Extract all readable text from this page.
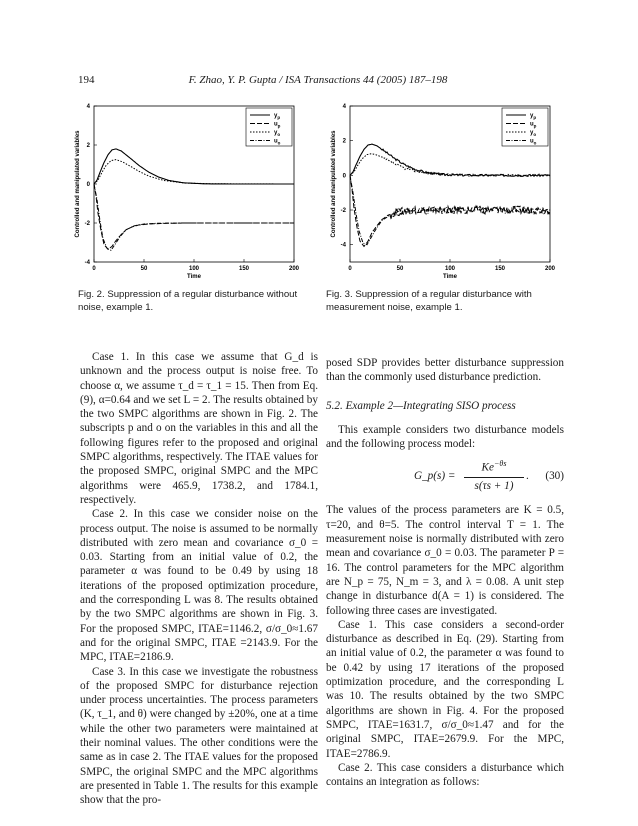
194	F. Zhao, Y. P. Gupta / ISA Transactions 44 (2005) 187–198
0	50	100	150	200
-4
-2
0
2
4
Time
Controlled and manipulated variables
$y_p$
$u_p$
$y_o$
$u_o$
0	50	100	150	200
-4
-2
0
2
4
Time
Controlled and manipulated variables
$y_p$
$u_p$
$y_o$
$u_o$
Fig. 2. Suppression of a regular disturbance without noise, example 1.
Fig. 3. Suppression of a regular disturbance with measurement noise, example 1.

Case 1. In this case we assume that G_d is unknown and the process output is noise free. To choose α, we assume τ_d = τ_1 = 15. Then from Eq. (9), α=0.64 and we set L = 2. The results obtained by the two SMPC algorithms are shown in Fig. 2. The subscripts p and o on the variables in this and all the following figures refer to the proposed and original SMPC algorithms, respectively. The ITAE values for the proposed SMPC, original SMPC and the MPC algorithms were 465.9, 1738.2, and 1784.1, respectively.

Case 2. In this case we consider noise on the process output. The noise is assumed to be normally distributed with zero mean and covariance σ_0 = 0.03. Starting from an initial value of 0.2, the parameter α was found to be 0.49 by using 18 iterations of the proposed optimization procedure, and the corresponding L was 8. The results obtained by the two SMPC algorithms are shown in Fig. 3. For the proposed SMPC, ITAE=1146.2, σ/σ_0≈1.67 and for the original SMPC, ITAE =2143.9. For the MPC, ITAE=2186.9.

Case 3. In this case we investigate the robustness of the proposed SMPC for disturbance rejection under process uncertainties. The process parameters (K, τ_1, and θ) were changed by ±20%, one at a time while the other two parameters were maintained at their nominal values. The other conditions were the same as in case 2. The ITAE values for the proposed SMPC, the original SMPC and the MPC algorithms are presented in Table 1. The results for this example show that the pro-

posed SDP provides better disturbance suppression than the commonly used disturbance prediction.

5.2. Example 2—Integrating SISO process

This example considers two disturbance models and the following process model:

G_p(s) = $\frac{Ke^{-\theta s}}{s(\tau s + 1)}$ . (30)

The values of the process parameters are K = 0.5, τ=20, and θ=5. The control interval T = 1. The measurement noise is normally distributed with zero mean and covariance σ_0 = 0.03. The parameter P = 16. The control parameters for the MPC algorithm are N_p = 75, N_m = 3, and λ = 0.08. A unit step change in disturbance d(A = 1) is considered. The following three cases are investigated.

Case 1. This case considers a second-order disturbance as described in Eq. (29). Starting from an initial value of 0.2, the parameter α was found to be 0.42 by using 17 iterations of the proposed optimization procedure, and the corresponding L was 10. The results obtained by the two SMPC algorithms are shown in Fig. 4. For the proposed SMPC, ITAE=1631.7, σ/σ_0≈1.47 and for the original SMPC, ITAE=2679.9. For the MPC, ITAE=2786.9.

Case 2. This case considers a disturbance which contains an integration as follows:
